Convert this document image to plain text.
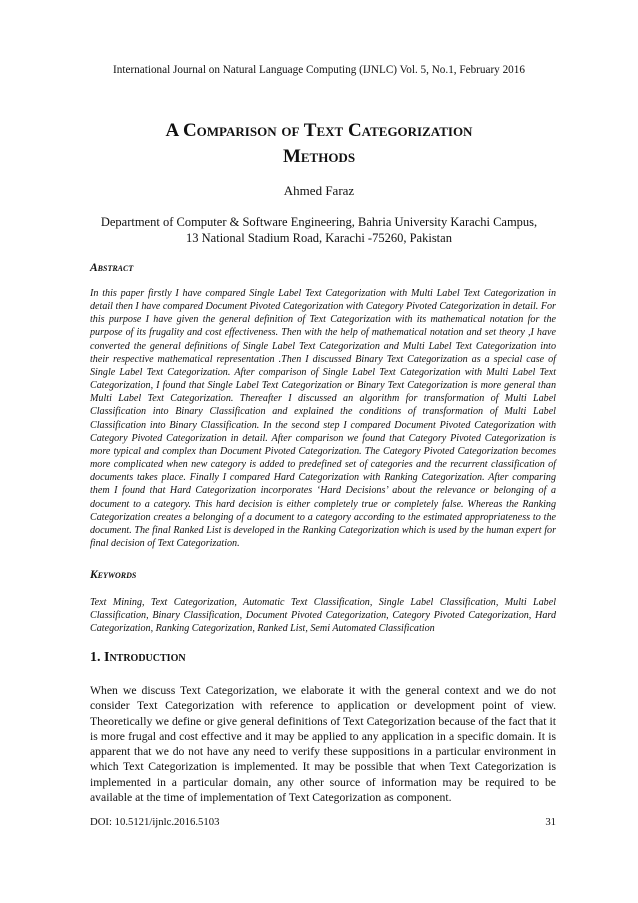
International Journal on Natural Language Computing (IJNLC) Vol. 5, No.1, February 2016
A Comparison of Text Categorization
Methods
Ahmed Faraz
Department of Computer & Software Engineering, Bahria University Karachi Campus,
13 National Stadium Road, Karachi -75260, Pakistan
Abstract

In this paper firstly I have compared Single Label Text Categorization with Multi Label Text Categorization in detail then I have compared Document Pivoted Categorization with Category Pivoted Categorization in detail. For this purpose I have given the general definition of Text Categorization with its mathematical notation for the purpose of its frugality and cost effectiveness. Then with the help of mathematical notation and set theory ,I have converted the general definitions of Single Label Text Categorization and Multi Label Text Categorization into their respective mathematical representation .Then I discussed Binary Text Categorization as a special case of Single Label Text Categorization. After comparison of Single Label Text Categorization with Multi Label Text Categorization, I found that Single Label Text Categorization or Binary Text Categorization is more general than Multi Label Text Categorization. Thereafter I discussed an algorithm for transformation of Multi Label Classification into Binary Classification and explained the conditions of transformation of Multi Label Classification into Binary Classification. In the second step I compared Document Pivoted Categorization with Category Pivoted Categorization in detail. After comparison we found that Category Pivoted Categorization is more typical and complex than Document Pivoted Categorization. The Category Pivoted Categorization becomes more complicated when new category is added to predefined set of categories and the recurrent classification of documents takes place. Finally I compared Hard Categorization with Ranking Categorization. After comparing them I found that Hard Categorization incorporates ‘Hard Decisions’ about the relevance or belonging of a document to a category. This hard decision is either completely true or completely false. Whereas the Ranking Categorization creates a belonging of a document to a category according to the estimated appropriateness to the document. The final Ranked List is developed in the Ranking Categorization which is used by the human expert for final decision of Text Categorization.

Keywords

Text Mining, Text Categorization, Automatic Text Classification, Single Label Classification, Multi Label Classification, Binary Classification, Document Pivoted Categorization, Category Pivoted Categorization, Hard Categorization, Ranking Categorization, Ranked List, Semi Automated Classification

1. Introduction

When we discuss Text Categorization, we elaborate it with the general context and we do not consider Text Categorization with reference to application or development point of view. Theoretically we define or give general definitions of Text Categorization because of the fact that it is more frugal and cost effective and it may be applied to any application in a specific domain. It is apparent that we do not have any need to verify these suppositions in a particular environment in which Text Categorization is implemented. It may be possible that when Text Categorization is implemented in a particular domain, any other source of information may be required to be available at the time of implementation of Text Categorization as component.

DOI: 10.5121/ijnlc.2016.5103	31
